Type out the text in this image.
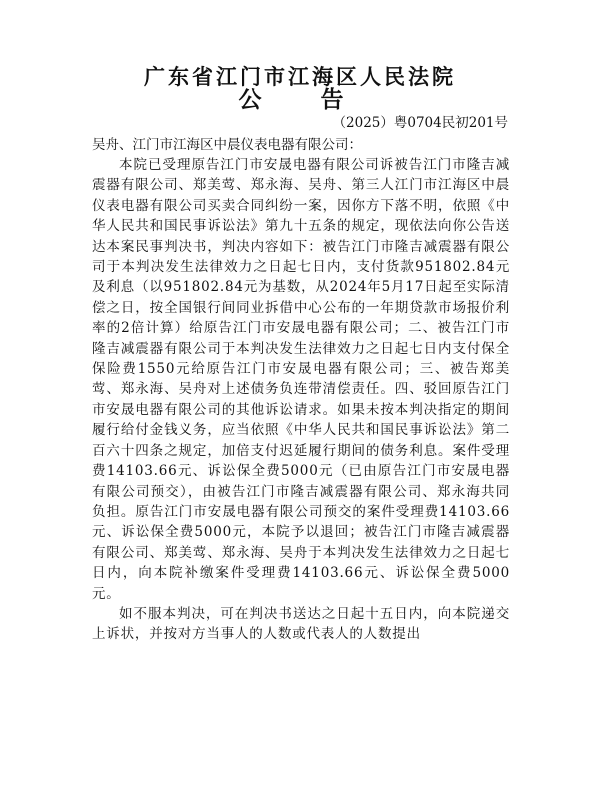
广东省江门市江海区人民法院
公　告
（2025）粤0704民初201号
吴舟、江门市江海区中晨仪表电器有限公司：

本院已受理原告江门市安晟电器有限公司诉被告江门市隆吉减震器有限公司、郑美莺、郑永海、吴舟、第三人江门市江海区中晨仪表电器有限公司买卖合同纠纷一案，因你方下落不明，依照《中华人民共和国民事诉讼法》第九十五条的规定，现依法向你公告送达本案民事判决书，判决内容如下：被告江门市隆吉减震器有限公司于本判决发生法律效力之日起七日内，支付货款951802.84元及利息（以951802.84元为基数，从2024年5月17日起至实际清偿之日，按全国银行间同业拆借中心公布的一年期贷款市场报价利率的2倍计算）给原告江门市安晟电器有限公司；二、被告江门市隆吉减震器有限公司于本判决发生法律效力之日起七日内支付保全保险费1550元给原告江门市安晟电器有限公司；三、被告郑美莺、郑永海、吴舟对上述债务负连带清偿责任。四、驳回原告江门市安晟电器有限公司的其他诉讼请求。如果未按本判决指定的期间履行给付金钱义务，应当依照《中华人民共和国民事诉讼法》第二百六十四条之规定，加倍支付迟延履行期间的债务利息。案件受理费14103.66元、诉讼保全费5000元（已由原告江门市安晟电器有限公司预交），由被告江门市隆吉减震器有限公司、郑永海共同负担。原告江门市安晟电器有限公司预交的案件受理费14103.66元、诉讼保全费5000元，本院予以退回；被告江门市隆吉减震器有限公司、郑美莺、郑永海、吴舟于本判决发生法律效力之日起七日内，向本院补缴案件受理费14103.66元、诉讼保全费5000元。

如不服本判决，可在判决书送达之日起十五日内，向本院递交上诉状，并按对方当事人的人数或代表人的人数提出
